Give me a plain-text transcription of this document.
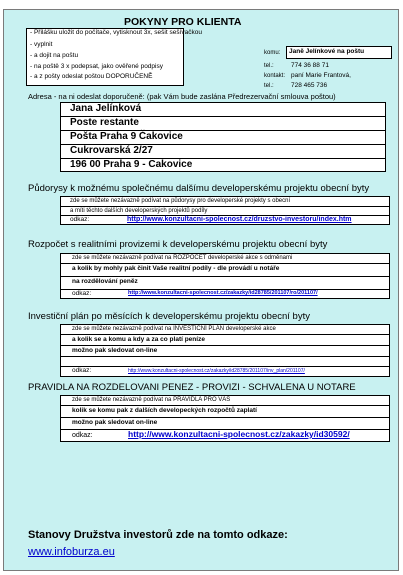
POKYNY PRO KLIENTA
- Přilášku uložit do počítače, vytisknout 3x, sešit sešívačkou
- vyplnit
- a dojit na poštu
- na poště 3 x podepsat, jako ověřené podpisy
- a z pošty odeslat poštou DOPORUČENĚ
komu: Janě Jelínkové na poštu
tel.:	774 36 88 71
kontakt: paní Marie Frantová,
tel.:	728 465 736
Adresa - na ni odeslat doporučeně: (pak Vám bude zaslána Předrezervační smlouva poštou)
Jana Jelínková
Poste restante
Pošta Praha 9 Čakovice
Cukrovarská 2/27
196 00 Praha 9 - Cakovice
Půdorysy k možnému společnému dalšímu developerskému projektu obecní byty
zde se můžete nezávazně podívat na půdorysy pro developerské projekty s obecní
a míti těchto dalších developerských projektů podíly
odkaz:	http://www.konzultacni-spolecnost.cz/druzstvo-investoru/index.htm
Rozpočet s realitními provizemi k developerskému projektu obecní byty
zde se můžete nezávazně podívat na ROZPOČET developerské akce s odměnami
a kolik by mohly pak činit Vaše realitní podíly - dle provádí u notáře
na rozdělování peněz
odkaz:	http://www.konzultacni-spolecnost.cz/zakazky/id28785/201107/ro/201107/
Investiční plán po měsících k developerskému projektu obecní byty
zde se můžete nezávazně podívat na INVESTIČNÍ PLÁN developerské akce
a kolik se a komu a kdy a za co platí peníze
možno pak sledovat on-line
odkaz:	http://www.konzultacni-spolecnost.cz/zakazky/id28785/201107/inv_plan/201107/
PRAVIDLA NA ROZDELOVANI PENEZ - PROVIZI - SCHVALENA U NOTARE
zde se můžete nezávazně podívat na PRAVIDLA PRO VÁS
kolik se komu pak z dalších developeckých rozpočtů zaplatí
možno pak sledovat on-line
odkaz:	http://www.konzultacni-spolecnost.cz/zakazky/id30592/
Stanovy Družstva investorů zde na tomto odkaze:
www.infoburza.eu
